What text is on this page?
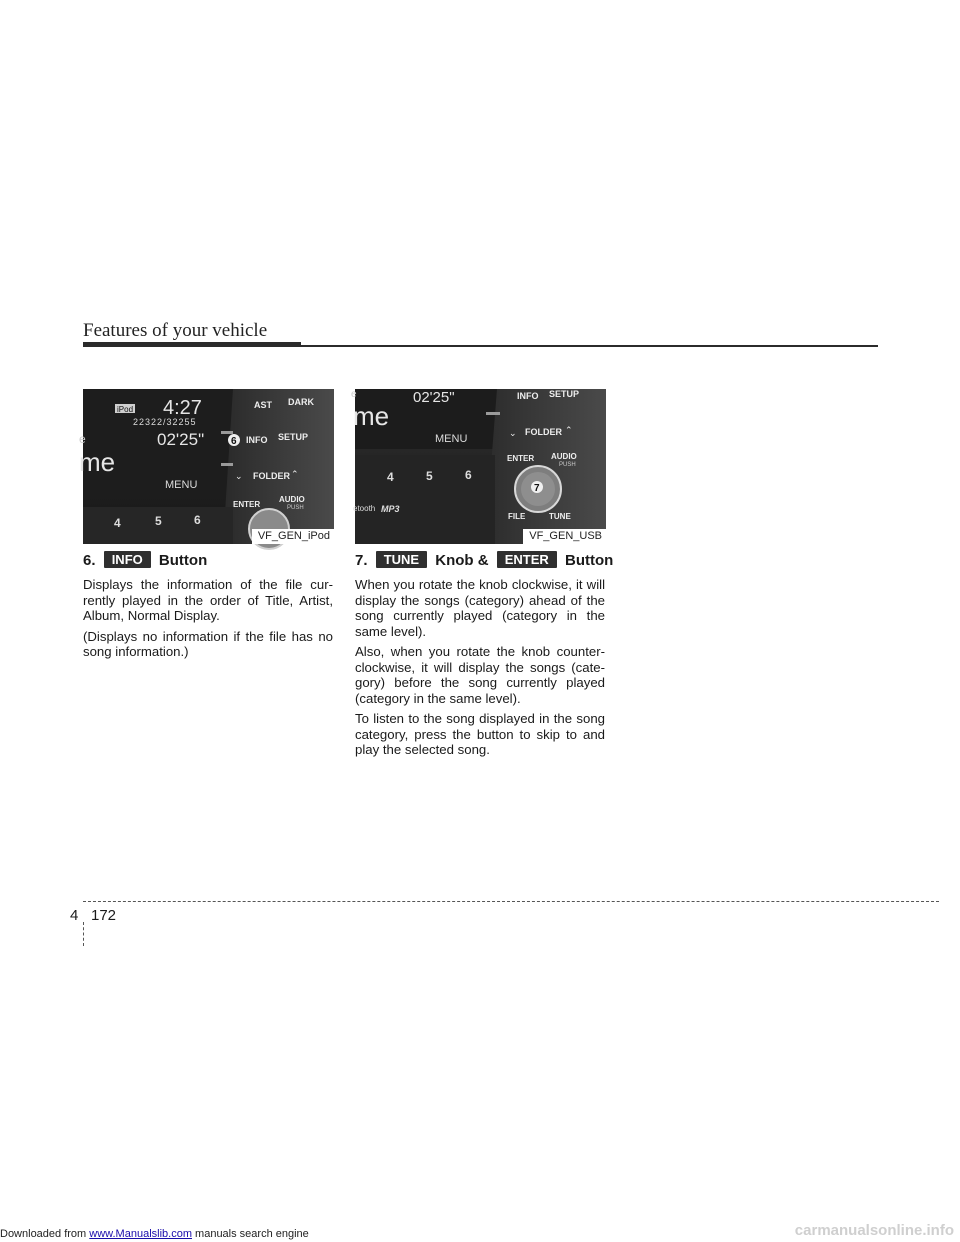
Features of your vehicle
iPod 4:27
22322/32255
02'25"
e
me
MENU
AST DARK
6 INFO SETUP
⌄ FOLDER ⌃
ENTER
AUDIO
PUSH
4	5	6
VF_GEN_iPod
02'25"
e
me
MENU
etooth MP3
4	5	6
INFO SETUP
⌄ FOLDER ⌃
ENTER AUDIO
PUSH
7
FILE	TUNE
VF_GEN_USB
6. INFO Button

Displays the information of the file cur-rently played in the order of Title, Artist, Album, Normal Display.

(Displays no information if the file has no song information.)

7. TUNE Knob & ENTER Button

When you rotate the knob clockwise, it will display the songs (category) ahead of the song currently played (category in the same level).

Also, when you rotate the knob counter-clockwise, it will display the songs (cate-gory) before the song currently played (category in the same level).

To listen to the song displayed in the song category, press the button to skip to and play the selected song.

4 172
Downloaded from www.Manualslib.com manuals search engine	carmanualsonline.info
